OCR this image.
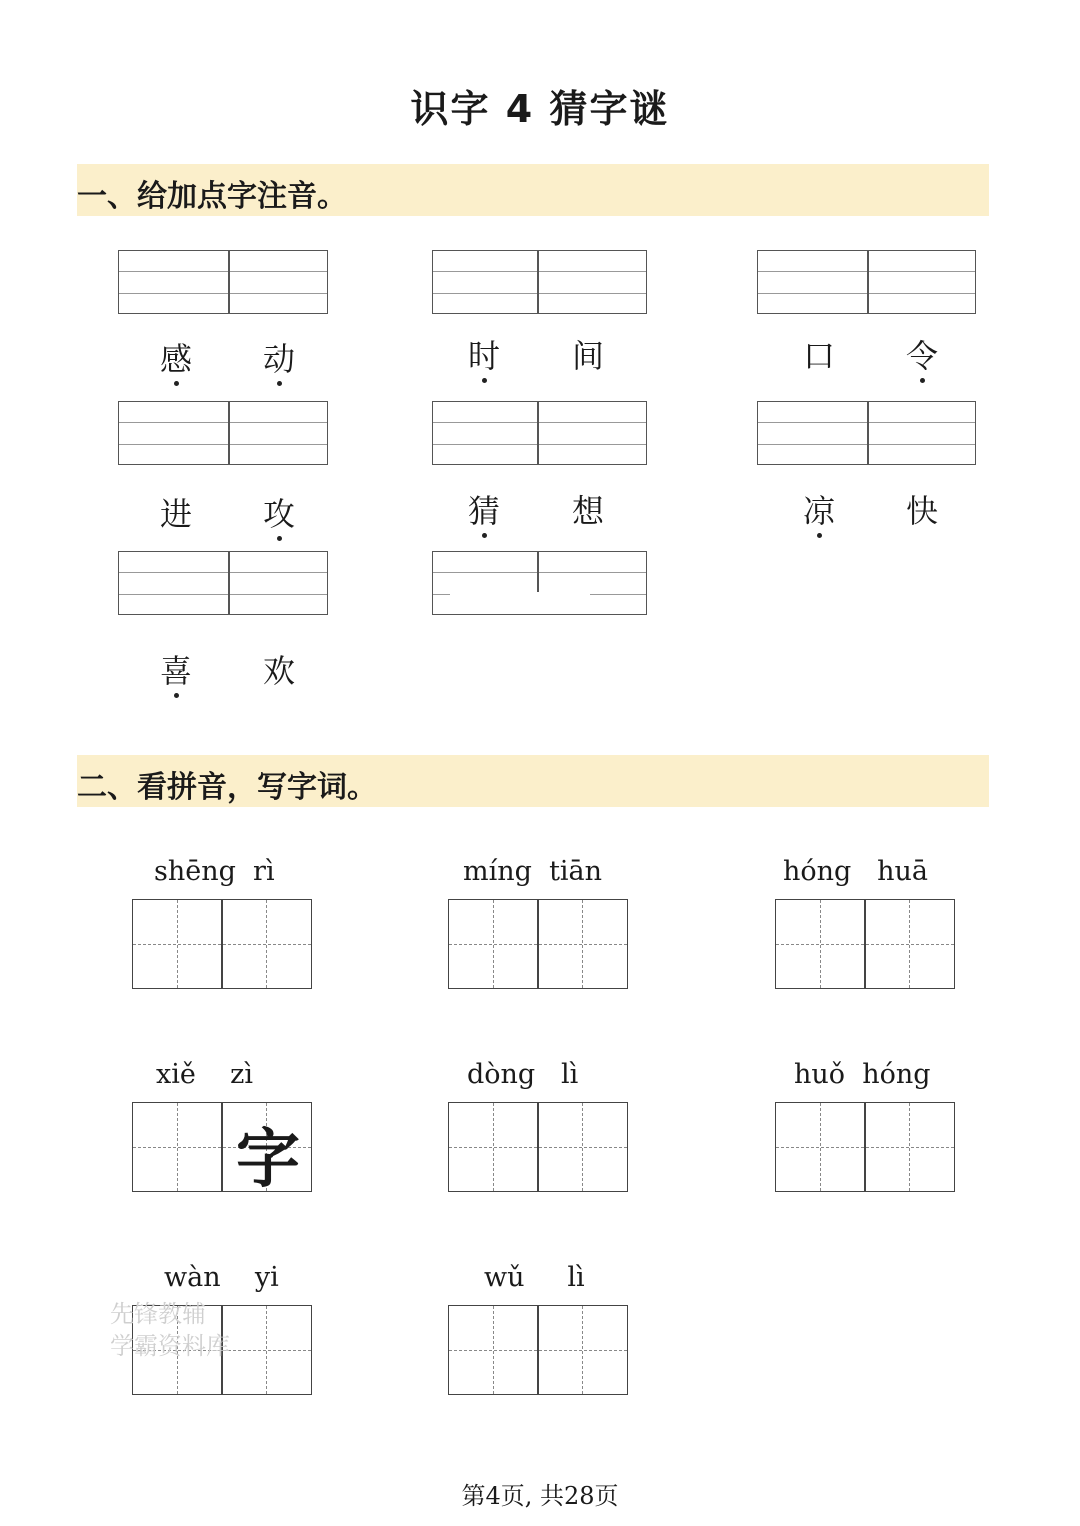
识字 4 猜字谜
一、给加点字注音。
感 动	时 间	口 令
进 攻	猜 想	凉 快
喜 欢
二、看拼音，写字词。
shēng  rì	míng  tiān	hóng   huā
xiě    zì	dòng   lì	huǒ  hóng
wàn    yi	wǔ     lì
字
先锋教辅
学霸资料库
第4页, 共28页
